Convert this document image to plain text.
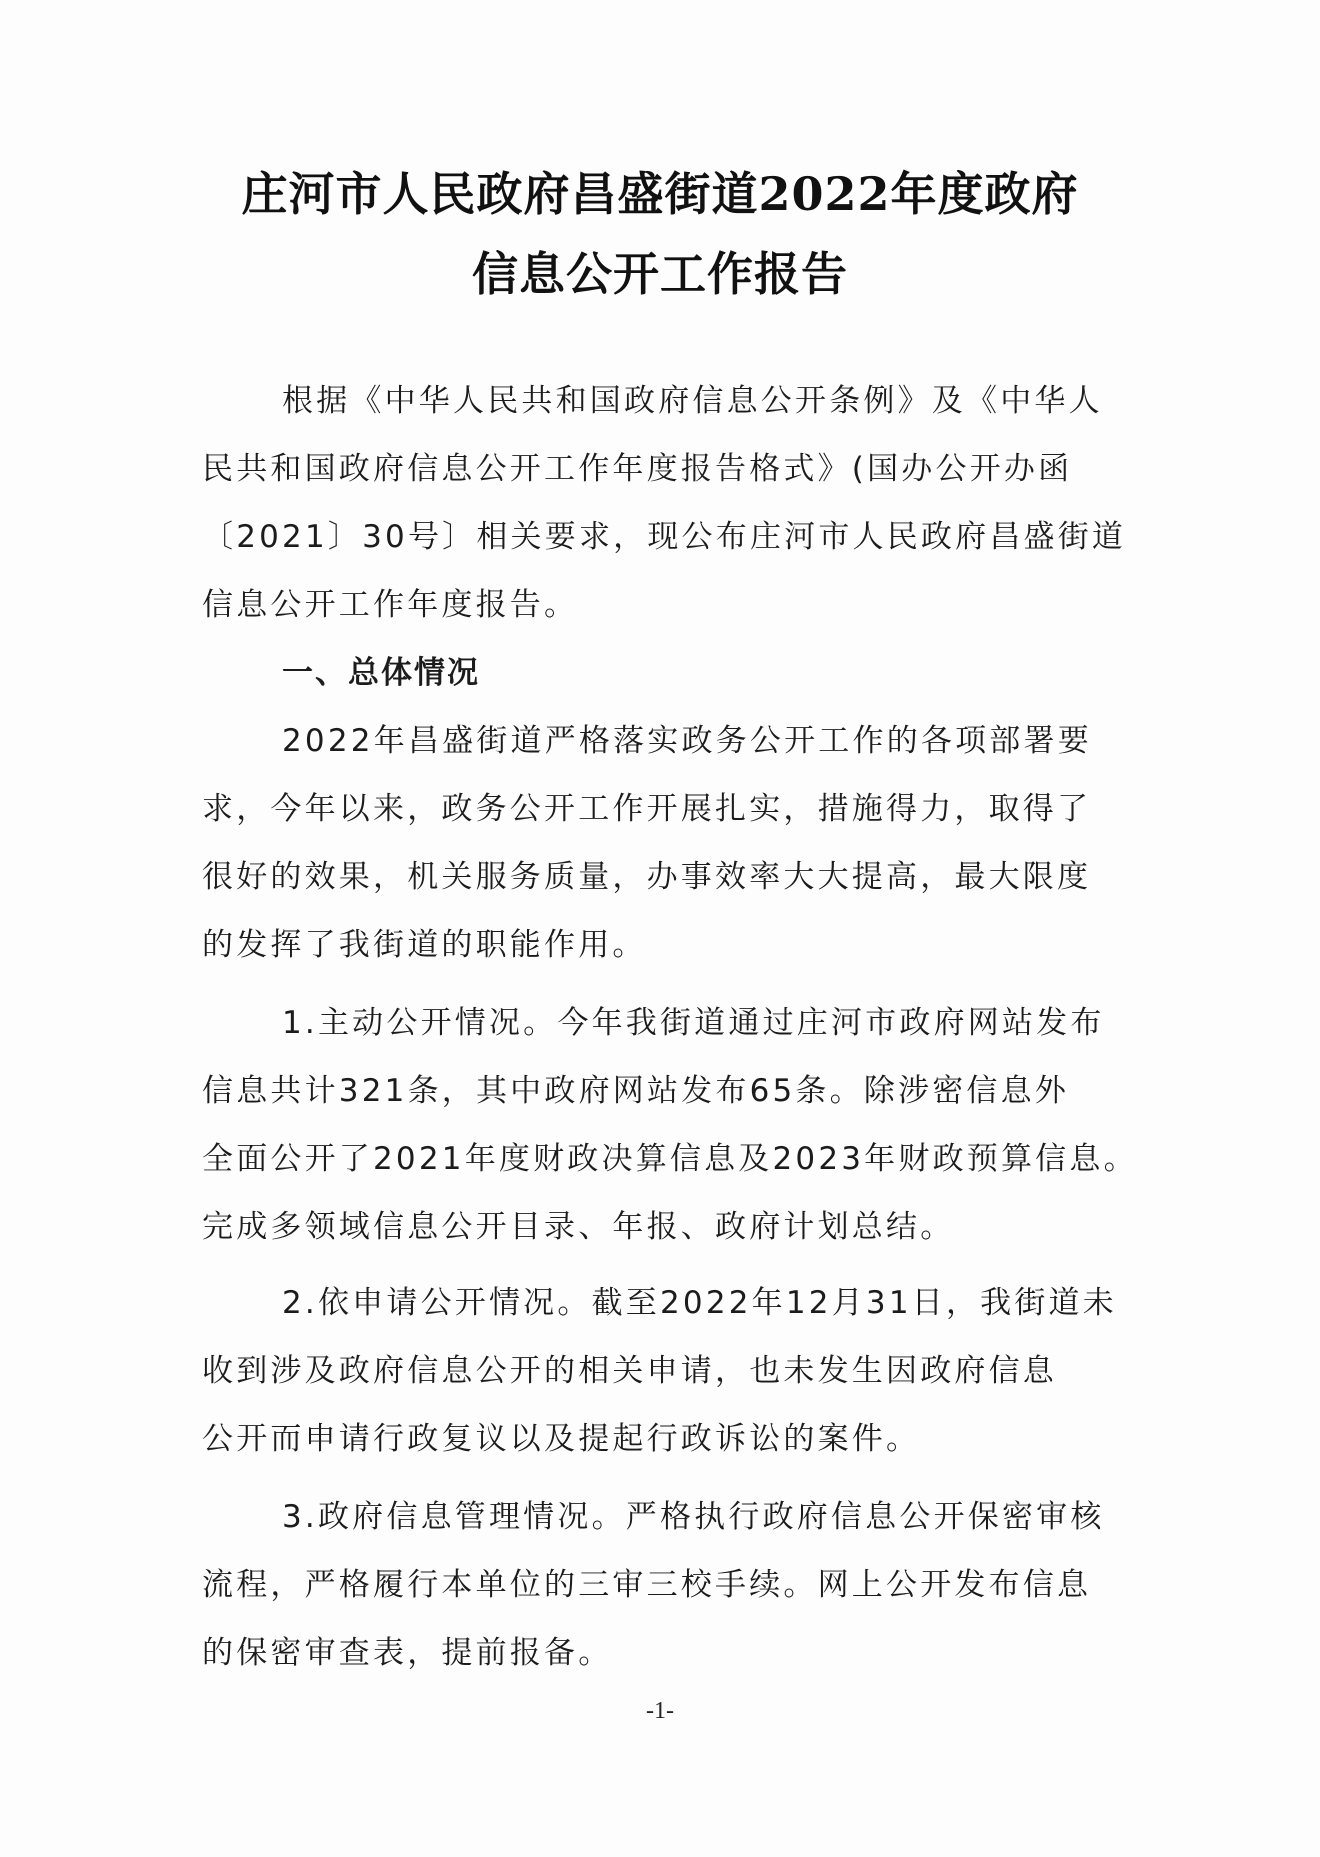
庄河市人民政府昌盛街道2022年度政府
信息公开工作报告
根据《中华人民共和国政府信息公开条例》及《中华人
民共和国政府信息公开工作年度报告格式》(国办公开办函
〔2021〕30号〕相关要求，现公布庄河市人民政府昌盛街道
信息公开工作年度报告。
一、总体情况
2022年昌盛街道严格落实政务公开工作的各项部署要
求，今年以来，政务公开工作开展扎实，措施得力，取得了
很好的效果，机关服务质量，办事效率大大提高，最大限度
的发挥了我街道的职能作用。
1.主动公开情况。今年我街道通过庄河市政府网站发布
信息共计321条，其中政府网站发布65条。除涉密信息外
全面公开了2021年度财政决算信息及2023年财政预算信息。
完成多领域信息公开目录、年报、政府计划总结。
2.依申请公开情况。截至2022年12月31日，我街道未
收到涉及政府信息公开的相关申请，也未发生因政府信息
公开而申请行政复议以及提起行政诉讼的案件。
3.政府信息管理情况。严格执行政府信息公开保密审核
流程，严格履行本单位的三审三校手续。网上公开发布信息
的保密审查表，提前报备。
-1-
